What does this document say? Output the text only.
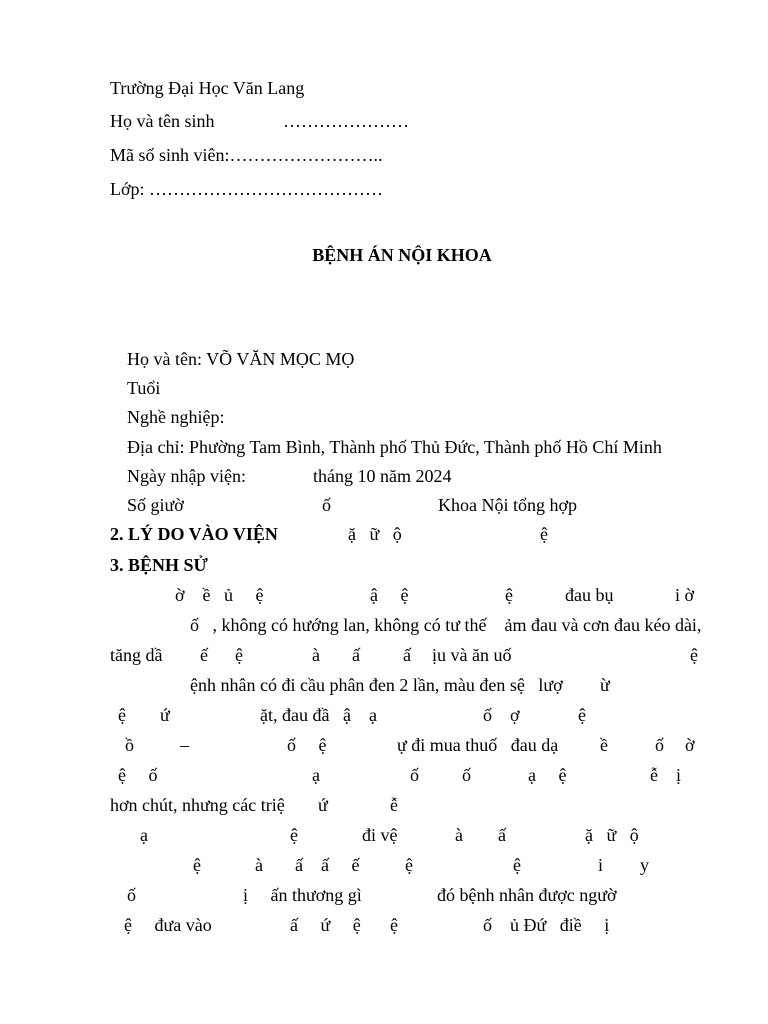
Trường Đại Học Văn Lang
Họ và tên sinh	…………………
Mã số sinh viên:……………………..
Lớp: …………………………………
BỆNH ÁN NỘI KHOA
Họ và tên: VÕ VĂN MỌC MỌ
Tuổi
Nghề nghiệp:
Địa chỉ: Phường Tam Bình, Thành phố Thủ Đức, Thành phố Hồ Chí Minh
Ngày nhập viện:	tháng 10 năm 2024
Số giườ	ố	Khoa Nội tổng hợp
2. LÝ DO VÀO VIỆN	ặ   ữ   ộ	ệ
3. BỆNH SỬ
ờ    ề   ủ     ệ	ậ     ệ	ệ	đau bụ	i ờ
ố   , không có hướng lan, không có tư thế    ảm đau và cơn đau kéo dài,
tăng dầ ế      ệ	à ấ ấ ịu và ăn uố	ệ
ệnh nhân có đi cầu phân đen 2 lần, màu đen sệ   lượ ừ
ệ ứ	ặt, đau đầ   ậ    ạ	ố    ợ	ệ
ồ	–	ố     ệ	ự đi mua thuố   đau dạ ề	ố ờ
ệ     ố	ạ	ố ố	ạ     ệ	ễ    ị
hơn chút, nhưng các triệ ứ	ễ
ạ	ệ	đi vệ	à ấ	ặ   ữ   ộ
ệ	à ấ    ấ     ế	ệ	ệ	i y
ố	ị     ấn thương gì	đó bệnh nhân được ngườ
ệ     đưa vào	ấ     ứ     ệ ệ	ố    ủ Đứ   điề     ị
